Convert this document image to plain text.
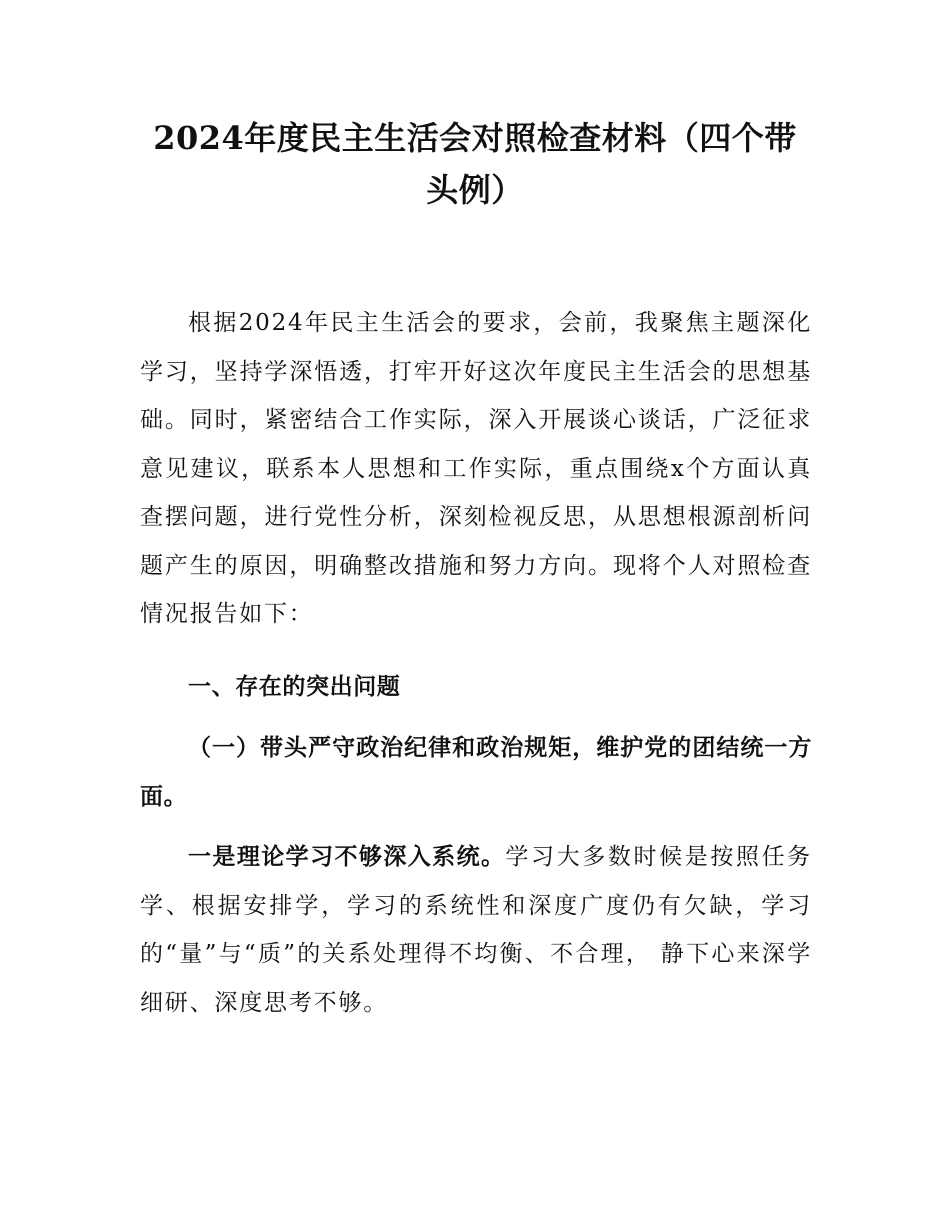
2024年度民主生活会对照检查材料（四个带
头例）
根据2024年民主生活会的要求，会前，我聚焦主题深化学习，坚持学深悟透，打牢开好这次年度民主生活会的思想基础。同时，紧密结合工作实际，深入开展谈心谈话，广泛征求意见建议，联系本人思想和工作实际，重点围绕x个方面认真查摆问题，进行党性分析，深刻检视反思，从思想根源剖析问题产生的原因，明确整改措施和努力方向。现将个人对照检查情况报告如下：
一、存在的突出问题
（一）带头严守政治纪律和政治规矩，维护党的团结统一方面。
一是理论学习不够深入系统。学习大多数时候是按照任务学、根据安排学，学习的系统性和深度广度仍有欠缺，学习的“量”与“质”的关系处理得不均衡、不合理， 静下心来深学细研、深度思考不够。
